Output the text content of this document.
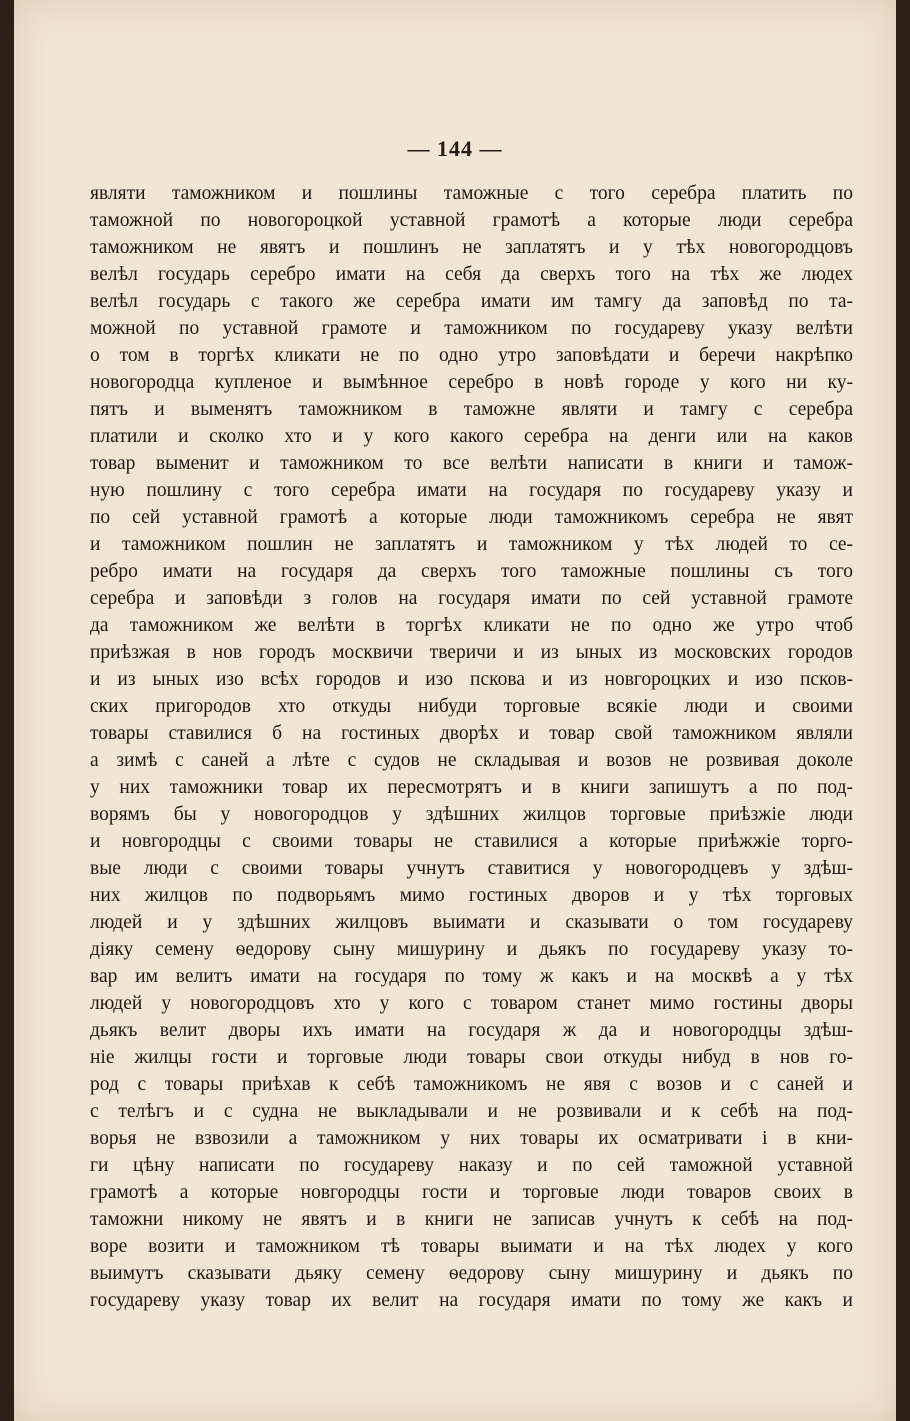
— 144 —
являти таможником и пошлины таможные с того серебра платить по
таможной по новогороцкой уставной грамотѣ а которые люди серебра
таможником не явятъ и пошлинъ не заплатятъ и у тѣх новогородцовъ
велѣл государь серебро имати на себя да сверхъ того на тѣх же людех
велѣл государь с такого же серебра имати им тамгу да заповѣд по та-
можной по уставной грамоте и таможником по государеву указу велѣти
о том в торгѣх кликати не по одно утро заповѣдати и беречи накрѣпко
новогородца купленое и вымѣнное серебро в новѣ городе у кого ни ку-
пятъ и выменятъ таможником в таможне являти и тамгу с серебра
платили и сколко хто и у кого какого серебра на денги или на каков
товар выменит и таможником то все велѣти написати в книги и тамож-
ную пошлину с того серебра имати на государя по государеву указу и
по сей уставной грамотѣ а которые люди таможникомъ серебра не явят
и таможником пошлин не заплатятъ и таможником у тѣх людей то се-
ребро имати на государя да сверхъ того таможные пошлины съ того
серебра и заповѣди з голов на государя имати по сей уставной грамоте
да таможником же велѣти в торгѣх кликати не по одно же утро чтоб
приѣзжая в нов городъ москвичи тверичи и из ыных из московских городов
и из ыных изо всѣх городов и изо пскова и из новгороцких и изо псков-
ских пригородов хто откуды нибуди торговые всякіе люди и своими
товары ставилися б на гостиных дворѣх и товар свой таможником являли
а зимѣ с саней а лѣте с судов не складывая и возов не розвивая доколе
у них таможники товар их пересмотрятъ и в книги запишутъ а по под-
ворямъ бы у новогородцов у здѣшних жилцов торговые приѣзжіе люди
и новгородцы с своими товары не ставилися а которые приѣжжіе торго-
вые люди с своими товары учнутъ ставитися у новогородцевъ у здѣш-
них жилцов по подворьямъ мимо гостиных дворов и у тѣх торговых
людей и у здѣшних жилцовъ выимати и сказывати о том государеву
діяку семену ѳедорову сыну мишурину и дьякъ по государеву указу то-
вар им велитъ имати на государя по тому ж какъ и на москвѣ а у тѣх
людей у новогородцовъ хто у кого с товаром станет мимо гостины дворы
дьякъ велит дворы ихъ имати на государя ж да и новогородцы здѣш-
ніе жилцы гости и торговые люди товары свои откуды нибуд в нов го-
род с товары приѣхав к себѣ таможникомъ не явя с возов и с саней и
с телѣгъ и с судна не выкладывали и не розвивали и к себѣ на под-
ворья не взвозили а таможником у них товары их осматривати і в кни-
ги цѣну написати по государеву наказу и по сей таможной уставной
грамотѣ а которые новгородцы гости и торговые люди товаров своих в
таможни никому не явятъ и в книги не записав учнутъ к себѣ на под-
воре возити и таможником тѣ товары выимати и на тѣх людех у кого
выимутъ сказывати дьяку семену ѳедорову сыну мишурину и дьякъ по
государеву указу товар их велит на государя имати по тому же какъ и
